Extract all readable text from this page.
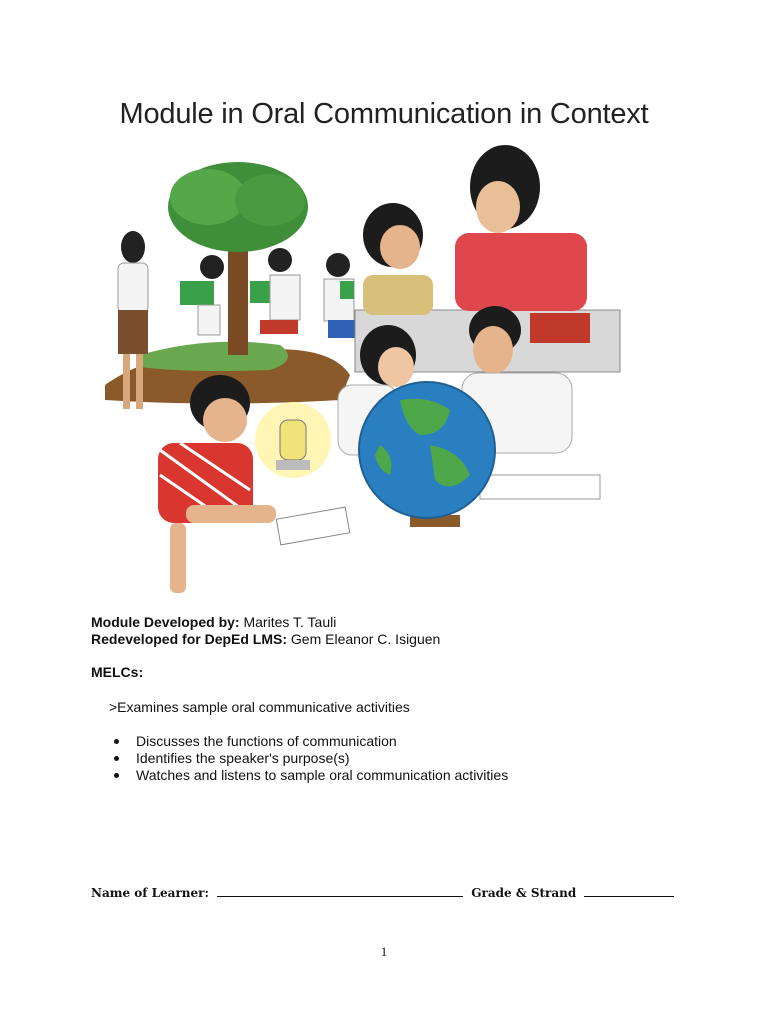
Module in Oral Communication in Context
Module Developed by: Marites T. Tauli
Redeveloped for DepEd LMS: Gem Eleanor C. Isiguen
MELCs:
>Examines sample oral communicative activities
Discusses the functions of communication
Identifies the speaker's purpose(s)
Watches and listens to sample oral communication activities
Name of Learner:	Grade & Strand
1
